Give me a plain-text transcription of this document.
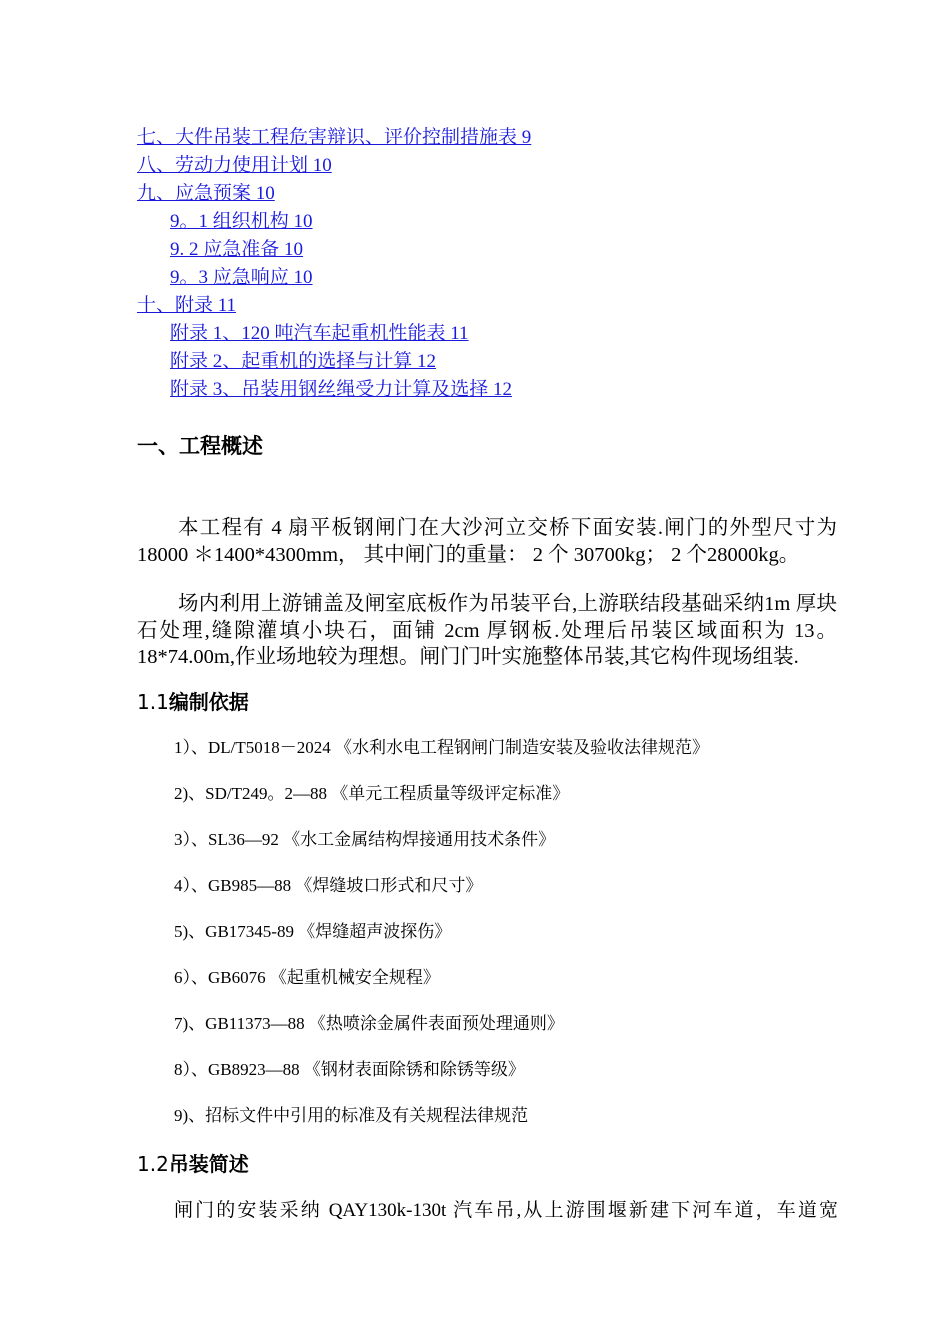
七、大件吊装工程危害辩识、评价控制措施表 9
八、劳动力使用计划 10
九、应急预案 10
9。1 组织机构 10
9. 2 应急准备 10
9。3 应急响应 10
十、附录 11
附录 1、120 吨汽车起重机性能表 11
附录 2、起重机的选择与计算 12
附录 3、吊装用钢丝绳受力计算及选择 12
一、工程概述

本工程有 4 扇平板钢闸门在大沙河立交桥下面安装.闸门的外型尺寸为 18000 ＊1400*4300mm， 其中闸门的重量： 2 个 30700kg； 2 个28000kg。

场内利用上游铺盖及闸室底板作为吊装平台,上游联结段基础采纳1m 厚块石处理,缝隙灌填小块石，面铺 2cm 厚钢板.处理后吊装区域面积为 13。18*74.00m,作业场地较为理想。闸门门叶实施整体吊装,其它构件现场组装.

1.1编制依据
1）、DL/T5018－2024 《水利水电工程钢闸门制造安装及验收法律规范》
2)、SD/T249。2—88 《单元工程质量等级评定标准》
3）、SL36—92 《水工金属结构焊接通用技术条件》
4）、GB985—88 《焊缝坡口形式和尺寸》
5)、GB17345-89 《焊缝超声波探伤》
6）、GB6076 《起重机械安全规程》
7)、GB11373—88 《热喷涂金属件表面预处理通则》
8）、GB8923—88 《钢材表面除锈和除锈等级》
9)、招标文件中引用的标准及有关规程法律规范
1.2吊装简述
闸门的安装采纳 QAY130k-130t 汽车吊,从上游围堰新建下河车道，车道宽
